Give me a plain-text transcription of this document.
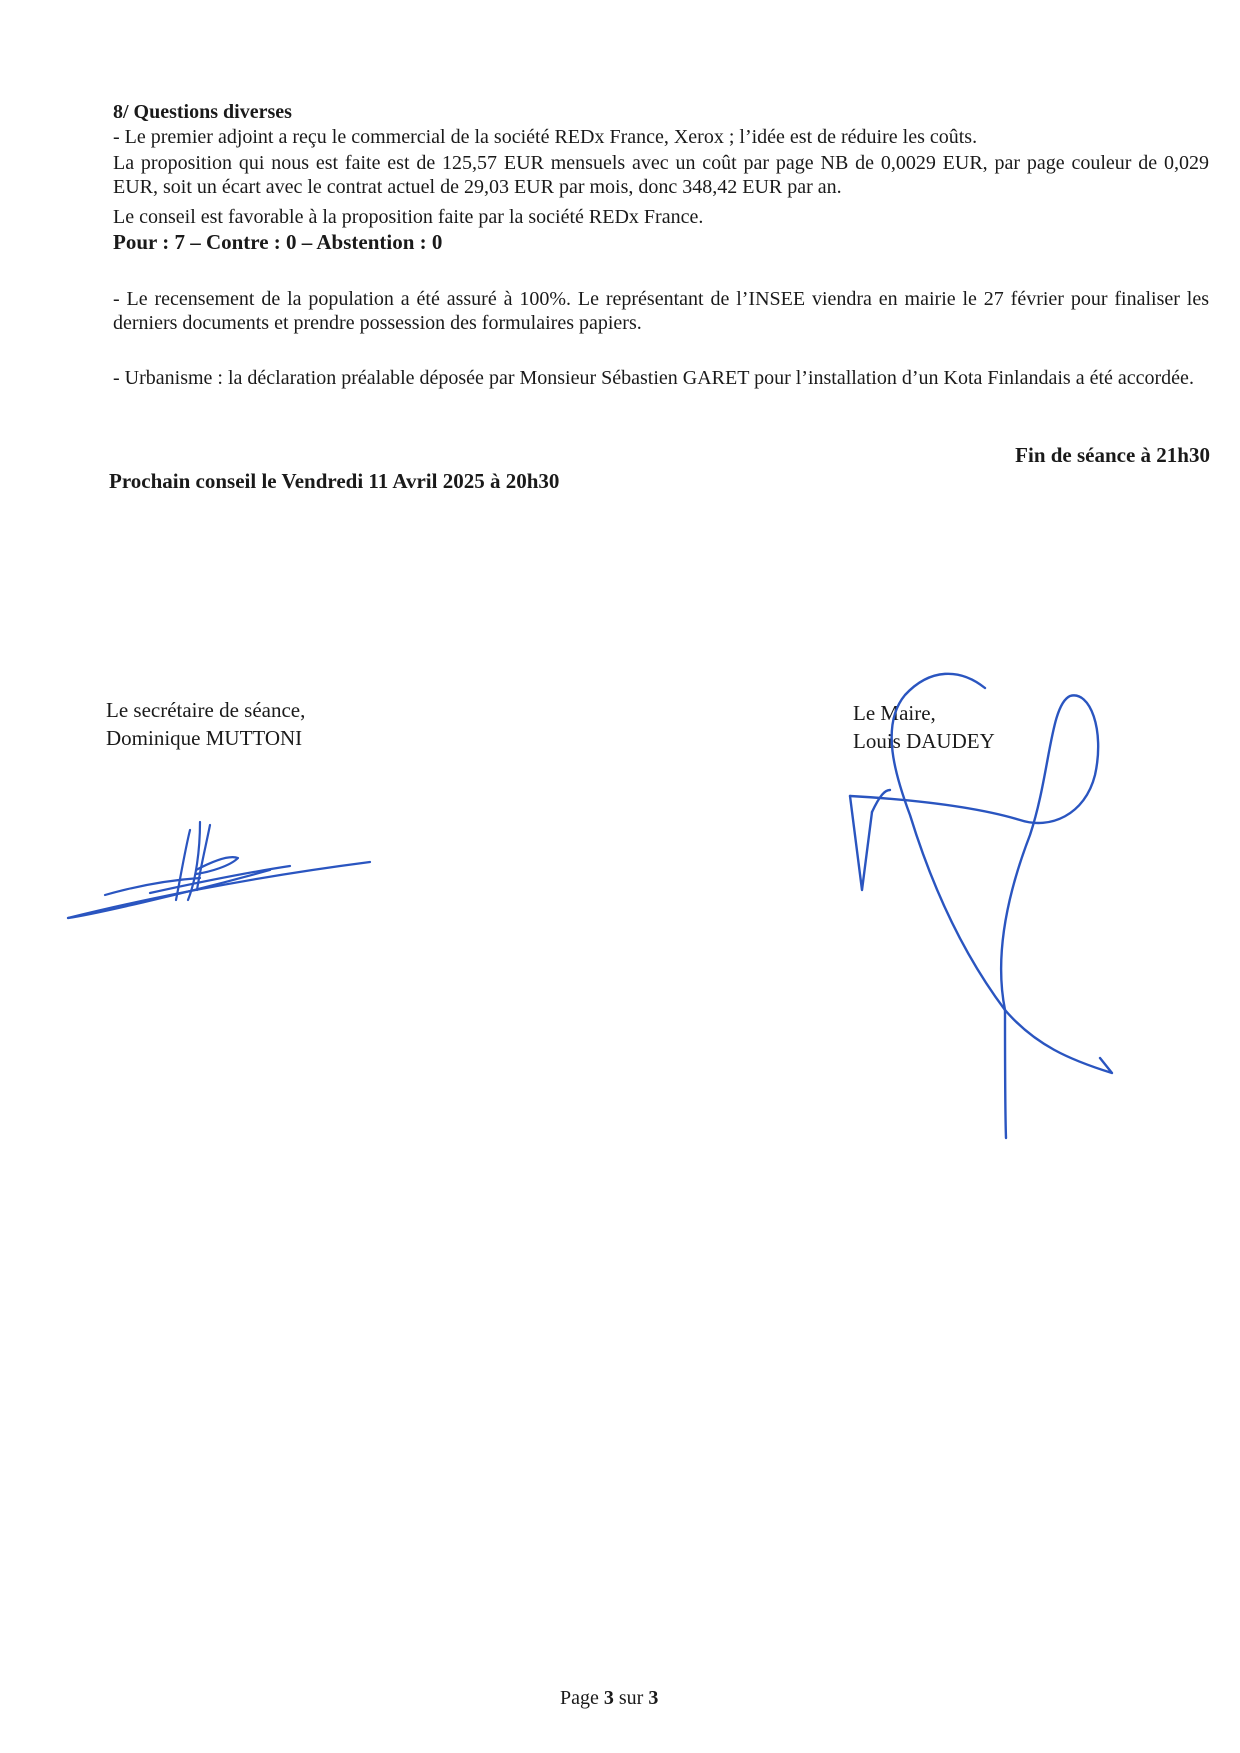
8/ Questions diverses
- Le premier adjoint a reçu le commercial de la société REDx France, Xerox ; l’idée est de réduire les coûts.
La proposition qui nous est faite est de 125,57 EUR mensuels avec un coût par page NB de 0,0029 EUR, par page couleur de 0,029 EUR, soit un écart avec le contrat actuel de 29,03 EUR par mois, donc 348,42 EUR par an.
Le conseil est favorable à la proposition faite par la société REDx France.
Pour : 7 – Contre : 0 – Abstention : 0
- Le recensement de la population a été assuré à 100%. Le représentant de l’INSEE viendra en mairie le 27 février pour finaliser les derniers documents et prendre possession des formulaires papiers.
- Urbanisme : la déclaration préalable déposée par Monsieur Sébastien GARET pour l’installation d’un Kota Finlandais a été accordée.
Fin de séance à 21h30
Prochain conseil le Vendredi 11 Avril 2025 à 20h30
Le secrétaire de séance,
Dominique MUTTONI
Le Maire,
Louis DAUDEY
Page 3 sur 3
